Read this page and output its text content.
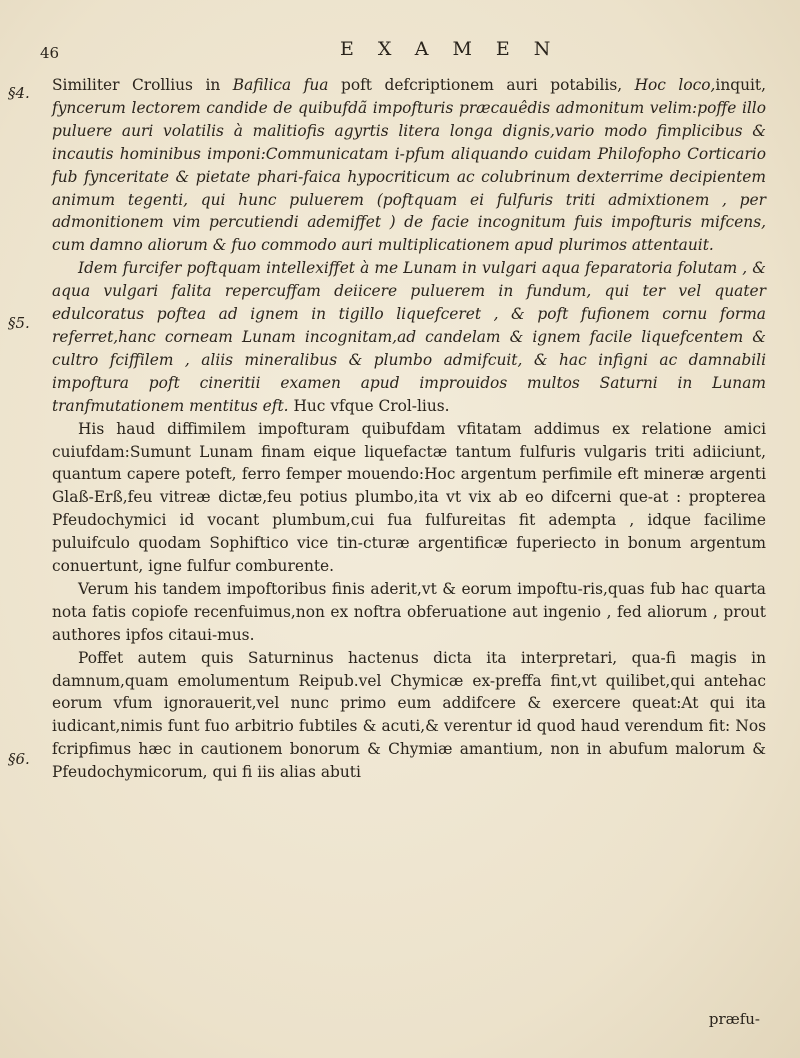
46	EXAMEN
§4.
§5.
§6.

Similiter Crollius in Bafilica fua poft defcriptionem auri potabilis, Hoc loco,inquit, fyncerum lectorem candide de quibufdã impofturis præcauêdis admonitum velim:poffe illo puluere auri volatilis à malitiofis agyrtis litera longa dignis,vario modo fimplicibus & incautis hominibus imponi:Communicatam i-pfum aliquando cuidam Philofopho Corticario fub fynceritate & pietate phari-faica hypocriticum ac colubrinum dexterrime decipientem animum tegenti, qui hunc puluerem (poftquam ei fulfuris triti admixtionem , per admonitionem vim percutiendi ademiffet ) de facie incognitum fuis impofturis mifcens, cum damno aliorum & fuo commodo auri multiplicationem apud plurimos attentauit.

Idem furcifer poftquam intellexiffet à me Lunam in vulgari aqua feparatoria folutam , & aqua vulgari falita repercuffam deiicere puluerem in fundum, qui ter vel quater edulcoratus poftea ad ignem in tigillo liquefceret , & poft fufionem cornu forma referret,hanc corneam Lunam incognitam,ad candelam & ignem facile liquefcentem & cultro fciffilem , aliis mineralibus & plumbo admifcuit, & hac infigni ac damnabili impoftura poft cineritii examen apud improuidos multos Saturni in Lunam tranfmutationem mentitus eft. Huc vfque Crol-lius.

His haud diffimilem impofturam quibufdam vfitatam addimus ex relatione amici cuiufdam:Sumunt Lunam finam eique liquefactæ tantum fulfuris vulgaris triti adiiciunt, quantum capere poteft, ferro femper mouendo:Hoc argentum perfimile eft mineræ argenti Glaß-Erß,feu vitreæ dictæ,feu potius plumbo,ita vt vix ab eo difcerni que-at : propterea Pfeudochymici id vocant plumbum,cui fua fulfureitas fit adempta , idque facilime puluifculo quodam Sophiftico vice tin-cturæ argentificæ fuperiecto in bonum argentum conuertunt, igne fulfur comburente.

Verum his tandem impoftoribus finis aderit,vt & eorum impoftu-ris,quas fub hac quarta nota fatis copiofe recenfuimus,non ex noftra obferuatione aut ingenio , fed aliorum , prout authores ipfos citaui-mus.

Poffet autem quis Saturninus hactenus dicta ita interpretari, qua-fi magis in damnum,quam emolumentum Reipub.vel Chymicæ ex-preffa fint,vt quilibet,qui antehac eorum vfum ignorauerit,vel nunc primo eum addifcere & exercere queat:At qui ita iudicant,nimis funt fuo arbitrio fubtiles & acuti,& verentur id quod haud verendum fit: Nos fcripfimus hæc in cautionem bonorum & Chymiæ amantium, non in abufum malorum & Pfeudochymicorum, qui fi iis alias abuti

præfu-
